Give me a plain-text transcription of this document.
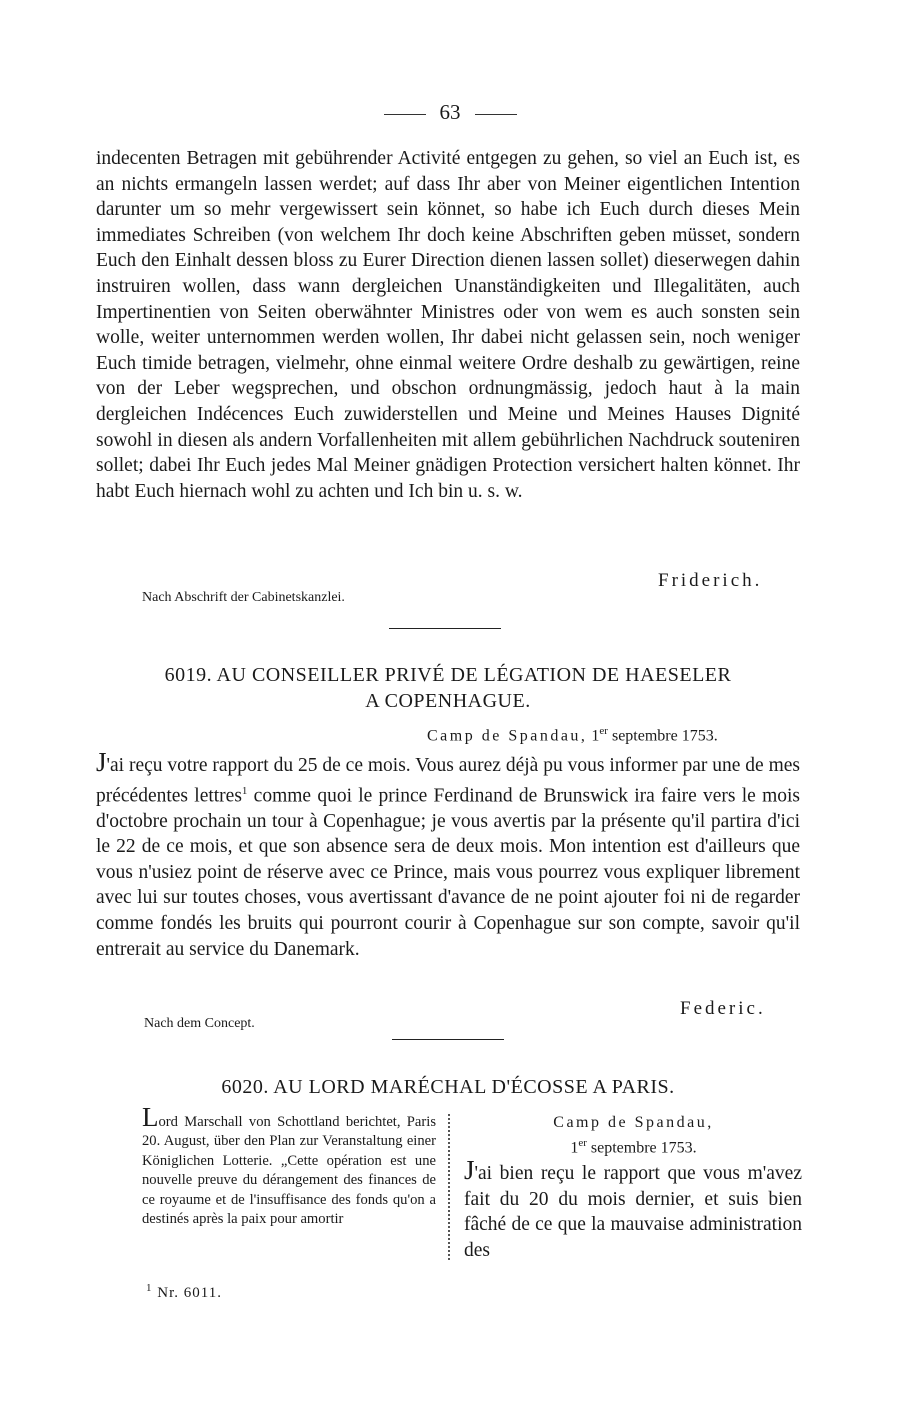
63
indecenten Betragen mit gebührender Activité entgegen zu gehen, so viel an Euch ist, es an nichts ermangeln lassen werdet; auf dass Ihr aber von Meiner eigentlichen Intention darunter um so mehr vergewissert sein könnet, so habe ich Euch durch dieses Mein immediates Schreiben (von welchem Ihr doch keine Abschriften geben müsset, sondern Euch den Einhalt dessen bloss zu Eurer Direction dienen lassen sollet) dieserwegen dahin instruiren wollen, dass wann dergleichen Unanständigkeiten und Illegalitäten, auch Impertinentien von Seiten oberwähnter Ministres oder von wem es auch sonsten sein wolle, weiter unternommen werden wollen, Ihr dabei nicht gelassen sein, noch weniger Euch timide betragen, vielmehr, ohne einmal weitere Ordre deshalb zu gewärtigen, reine von der Leber wegsprechen, und obschon ordnungmässig, jedoch haut à la main dergleichen Indécences Euch zuwiderstellen und Meine und Meines Hauses Dignité sowohl in diesen als andern Vorfallenheiten mit allem gebührlichen Nachdruck souteniren sollet; dabei Ihr Euch jedes Mal Meiner gnädigen Protection versichert halten könnet. Ihr habt Euch hiernach wohl zu achten und Ich bin u. s. w.
Friderich.
Nach Abschrift der Cabinetskanzlei.
6019. AU CONSEILLER PRIVÉ DE LÉGATION DE HAESELER
A COPENHAGUE.
Camp de Spandau, 1er septembre 1753.
J'ai reçu votre rapport du 25 de ce mois. Vous aurez déjà pu vous informer par une de mes précédentes lettres$^1$ comme quoi le prince Ferdinand de Brunswick ira faire vers le mois d'octobre prochain un tour à Copenhague; je vous avertis par la présente qu'il partira d'ici le 22 de ce mois, et que son absence sera de deux mois. Mon intention est d'ailleurs que vous n'usiez point de réserve avec ce Prince, mais vous pourrez vous expliquer librement avec lui sur toutes choses, vous avertissant d'avance de ne point ajouter foi ni de regarder comme fondés les bruits qui pourront courir à Copenhague sur son compte, savoir qu'il entrerait au service du Danemark.
Federic.
Nach dem Concept.
6020. AU LORD MARÉCHAL D'ÉCOSSE A PARIS.
Lord Marschall von Schottland berichtet, Paris 20. August, über den Plan zur Veranstaltung einer Königlichen Lotterie. „Cette opération est une nouvelle preuve du dérangement des finances de ce royaume et de l'insuffisance des fonds qu'on a destinés après la paix pour amortir
Camp de Spandau,
1er septembre 1753.
J'ai bien reçu le rapport que vous m'avez fait du 20 du mois dernier, et suis bien fâché de ce que la mauvaise administration des
$^1$ Nr. 6011.
